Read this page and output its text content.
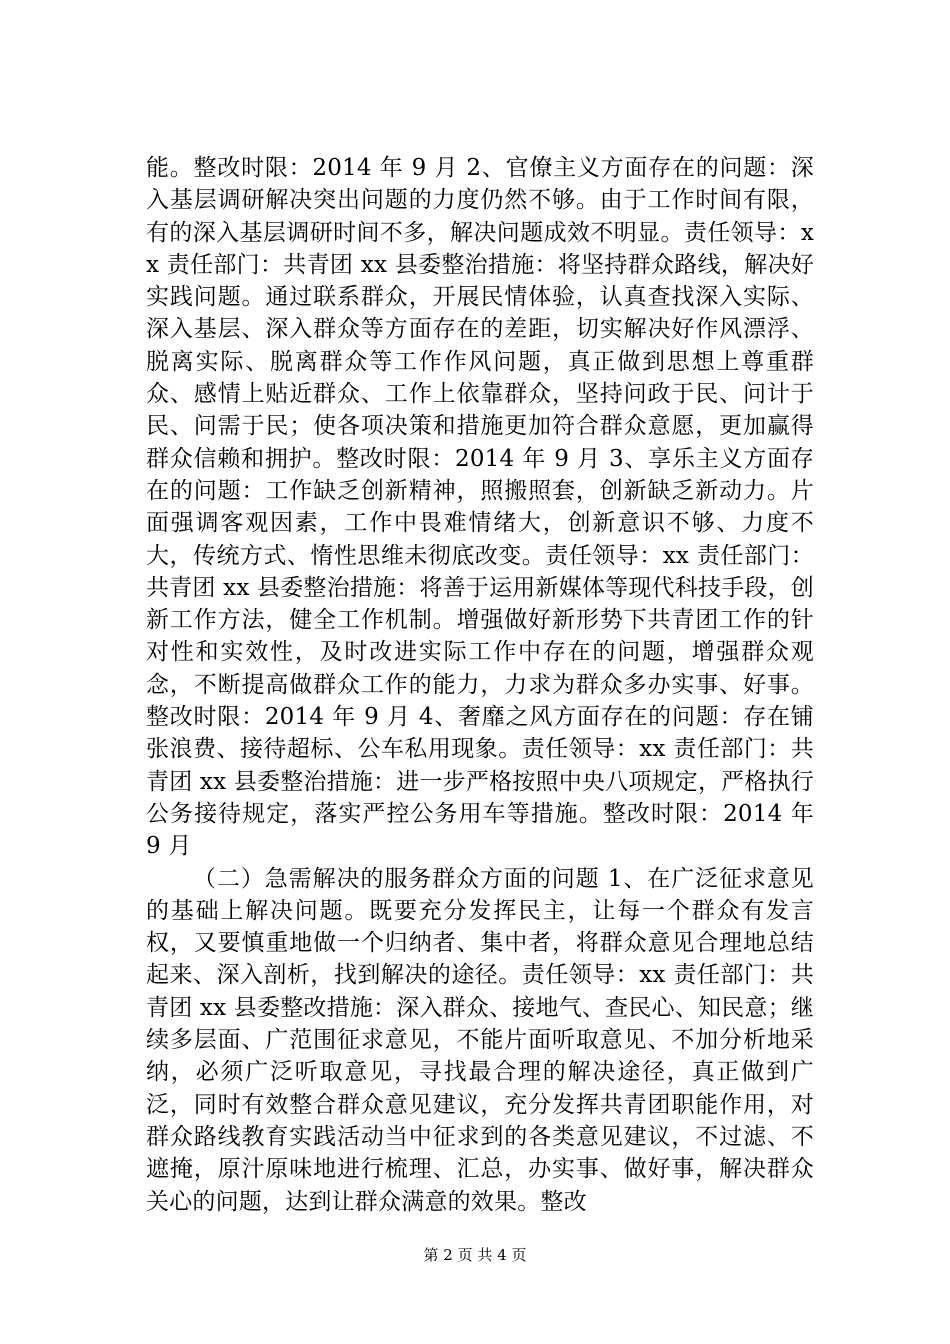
能。整改时限：2014 年 9 月 2、官僚主义方面存在的问题：深入基层调研解决突出问题的力度仍然不够。由于工作时间有限，有的深入基层调研时间不多，解决问题成效不明显。责任领导：xx 责任部门：共青团 xx 县委整治措施：将坚持群众路线，解决好实践问题。通过联系群众，开展民情体验，认真查找深入实际、深入基层、深入群众等方面存在的差距，切实解决好作风漂浮、脱离实际、脱离群众等工作作风问题，真正做到思想上尊重群众、感情上贴近群众、工作上依靠群众，坚持问政于民、问计于民、问需于民；使各项决策和措施更加符合群众意愿，更加赢得群众信赖和拥护。整改时限：2014 年 9 月 3、享乐主义方面存在的问题：工作缺乏创新精神，照搬照套，创新缺乏新动力。片面强调客观因素，工作中畏难情绪大，创新意识不够、力度不大，传统方式、惰性思维未彻底改变。责任领导：xx 责任部门：共青团 xx 县委整治措施：将善于运用新媒体等现代科技手段，创新工作方法，健全工作机制。增强做好新形势下共青团工作的针对性和实效性，及时改进实际工作中存在的问题，增强群众观念，不断提高做群众工作的能力，力求为群众多办实事、好事。整改时限：2014 年 9 月 4、奢靡之风方面存在的问题：存在铺张浪费、接待超标、公车私用现象。责任领导：xx 责任部门：共青团 xx 县委整治措施：进一步严格按照中央八项规定，严格执行公务接待规定，落实严控公务用车等措施。整改时限：2014 年 9 月

（二）急需解决的服务群众方面的问题 1、在广泛征求意见的基础上解决问题。既要充分发挥民主，让每一个群众有发言权，又要慎重地做一个归纳者、集中者，将群众意见合理地总结起来、深入剖析，找到解决的途径。责任领导：xx 责任部门：共青团 xx 县委整改措施：深入群众、接地气、查民心、知民意；继续多层面、广范围征求意见，不能片面听取意见、不加分析地采纳，必须广泛听取意见，寻找最合理的解决途径，真正做到广泛，同时有效整合群众意见建议，充分发挥共青团职能作用，对群众路线教育实践活动当中征求到的各类意见建议，不过滤、不遮掩，原汁原味地进行梳理、汇总，办实事、做好事，解决群众关心的问题，达到让群众满意的效果。整改

第 2 页 共 4 页
